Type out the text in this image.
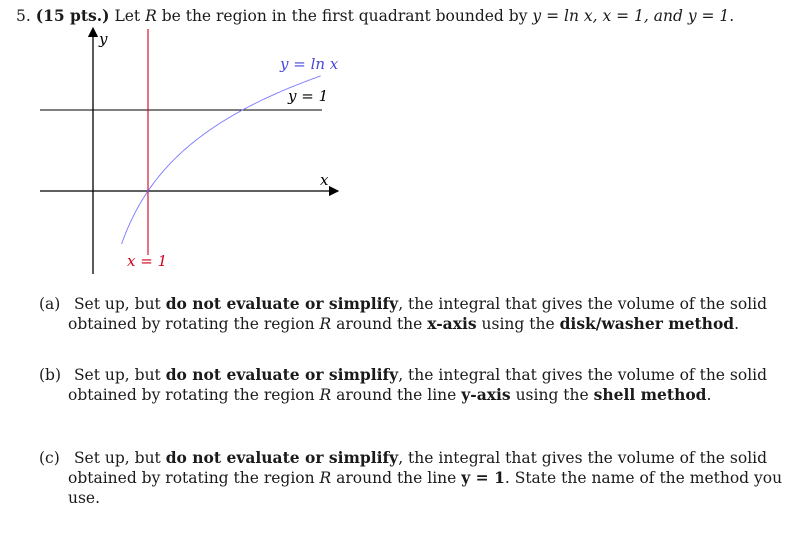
5. (15 pts.) Let R be the region in the first quadrant bounded by y = ln x, x = 1, and y = 1.
y
x
y = ln x
y = 1
x = 1
(a) Set up, but do not evaluate or simplify, the integral that gives the volume of the solid
obtained by rotating the region R around the x-axis using the disk/washer method.
(b) Set up, but do not evaluate or simplify, the integral that gives the volume of the solid
obtained by rotating the region R around the line y-axis using the shell method.
(c) Set up, but do not evaluate or simplify, the integral that gives the volume of the solid
obtained by rotating the region R around the line y = 1. State the name of the method you
use.
